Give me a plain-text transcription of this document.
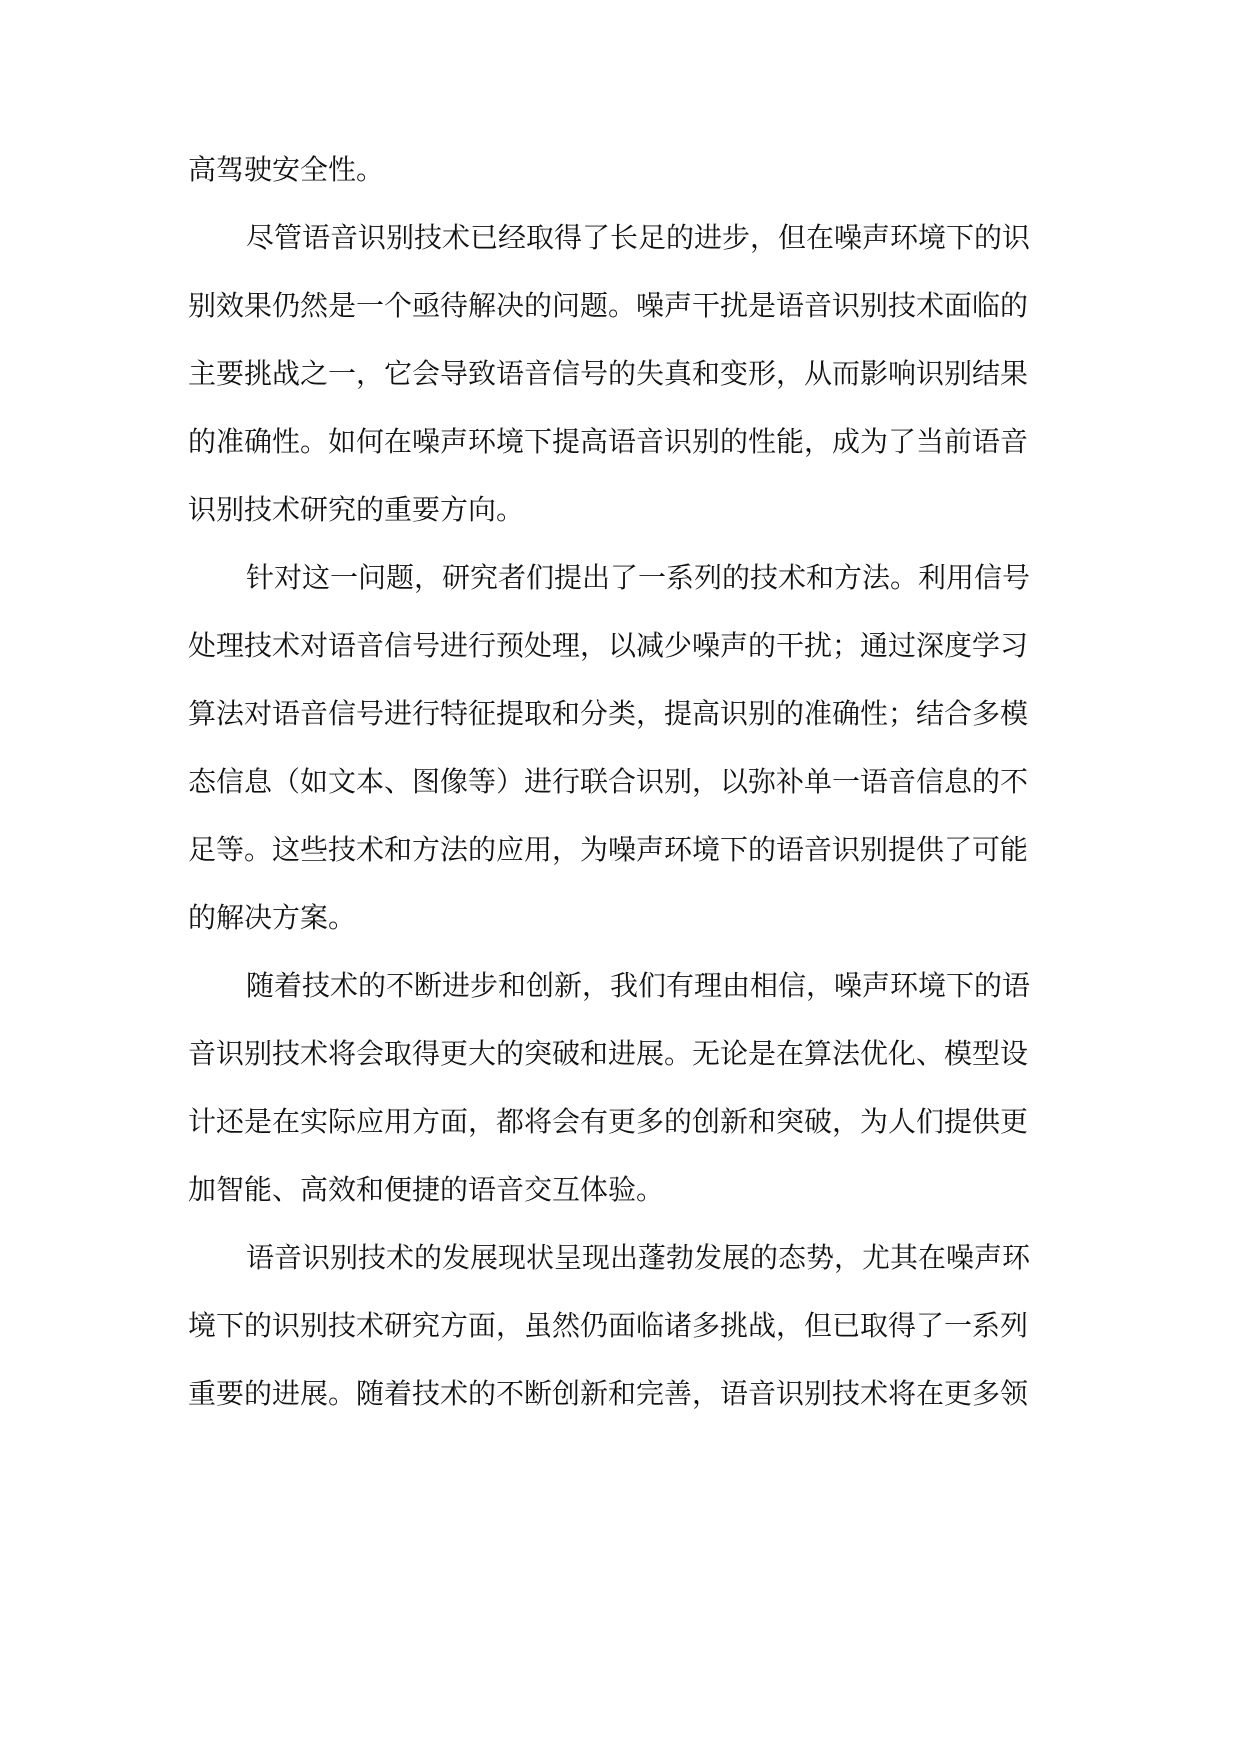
高驾驶安全性。

尽管语音识别技术已经取得了长足的进步，但在噪声环境下的识
别效果仍然是一个亟待解决的问题。噪声干扰是语音识别技术面临的
主要挑战之一，它会导致语音信号的失真和变形，从而影响识别结果
的准确性。如何在噪声环境下提高语音识别的性能，成为了当前语音
识别技术研究的重要方向。

针对这一问题，研究者们提出了一系列的技术和方法。利用信号
处理技术对语音信号进行预处理，以减少噪声的干扰；通过深度学习
算法对语音信号进行特征提取和分类，提高识别的准确性；结合多模
态信息（如文本、图像等）进行联合识别，以弥补单一语音信息的不
足等。这些技术和方法的应用，为噪声环境下的语音识别提供了可能
的解决方案。

随着技术的不断进步和创新，我们有理由相信，噪声环境下的语
音识别技术将会取得更大的突破和进展。无论是在算法优化、模型设
计还是在实际应用方面，都将会有更多的创新和突破，为人们提供更
加智能、高效和便捷的语音交互体验。

语音识别技术的发展现状呈现出蓬勃发展的态势，尤其在噪声环
境下的识别技术研究方面，虽然仍面临诸多挑战，但已取得了一系列
重要的进展。随着技术的不断创新和完善，语音识别技术将在更多领
